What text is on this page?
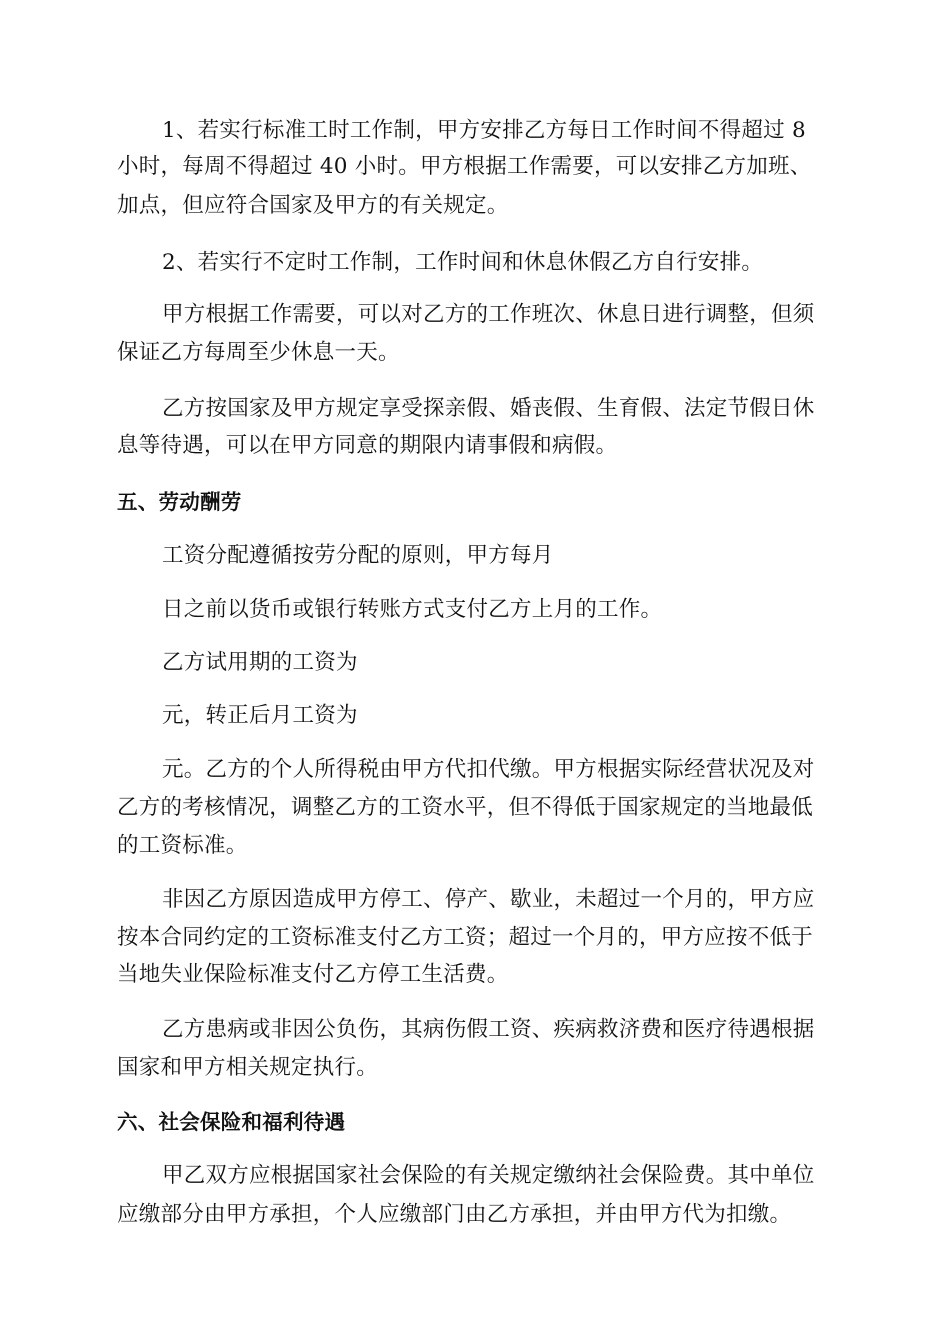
1、若实行标准工时工作制，甲方安排乙方每日工作时间不得超过 8
小时，每周不得超过 40 小时。甲方根据工作需要，可以安排乙方加班、
加点，但应符合国家及甲方的有关规定。
2、若实行不定时工作制，工作时间和休息休假乙方自行安排。
甲方根据工作需要，可以对乙方的工作班次、休息日进行调整，但须
保证乙方每周至少休息一天。
乙方按国家及甲方规定享受探亲假、婚丧假、生育假、法定节假日休
息等待遇，可以在甲方同意的期限内请事假和病假。
五、劳动酬劳
工资分配遵循按劳分配的原则，甲方每月
日之前以货币或银行转账方式支付乙方上月的工作。
乙方试用期的工资为
元，转正后月工资为
元。乙方的个人所得税由甲方代扣代缴。甲方根据实际经营状况及对
乙方的考核情况，调整乙方的工资水平，但不得低于国家规定的当地最低
的工资标准。
非因乙方原因造成甲方停工、停产、歇业，未超过一个月的，甲方应
按本合同约定的工资标准支付乙方工资；超过一个月的，甲方应按不低于
当地失业保险标准支付乙方停工生活费。
乙方患病或非因公负伤，其病伤假工资、疾病救济费和医疗待遇根据
国家和甲方相关规定执行。
六、社会保险和福利待遇
甲乙双方应根据国家社会保险的有关规定缴纳社会保险费。其中单位
应缴部分由甲方承担，个人应缴部门由乙方承担，并由甲方代为扣缴。
